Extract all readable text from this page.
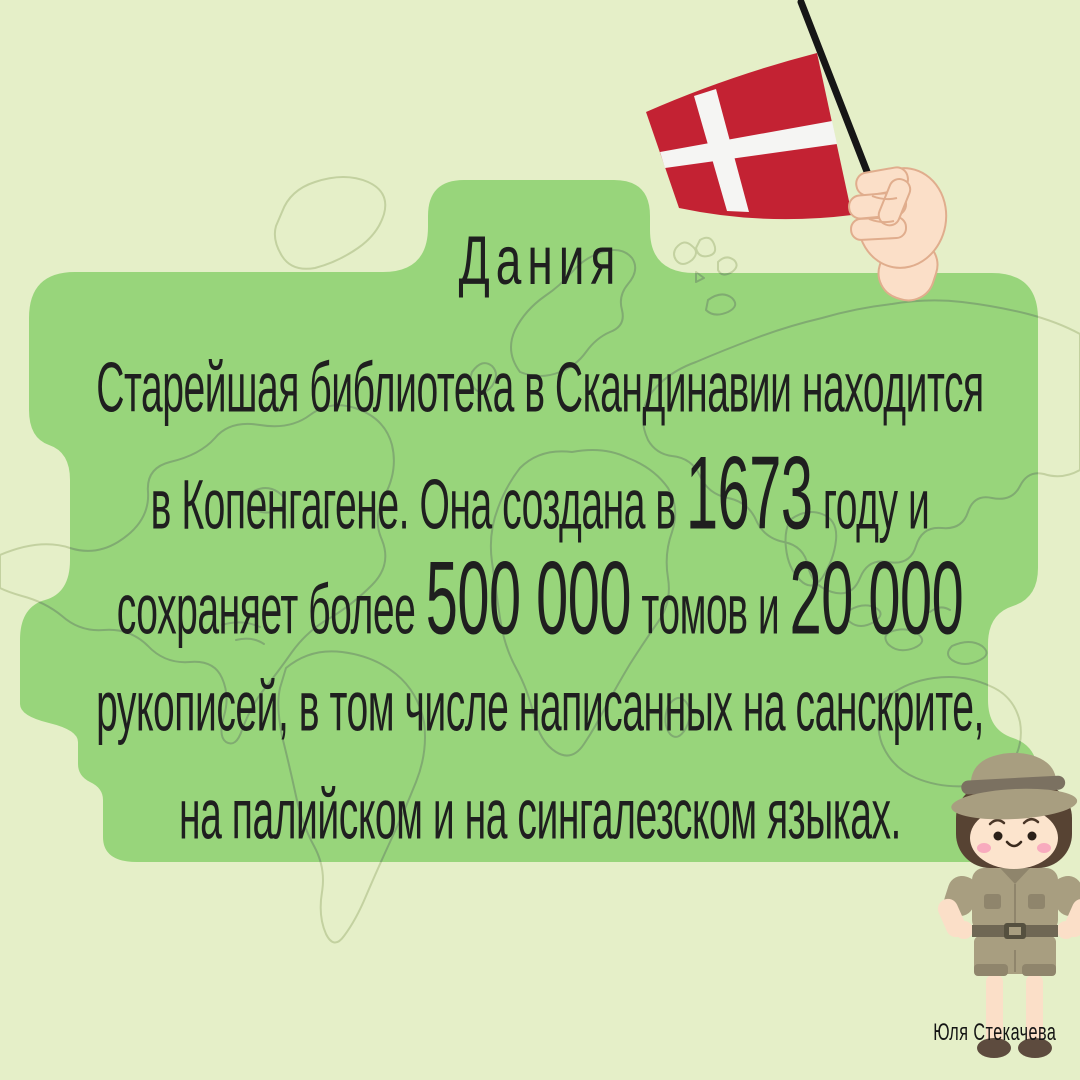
Дания
Старейшая библиотека в Скандинавии находится
в Копенгагене. Она создана в 1673 году и
сохраняет более 500 000 томов и 20 000
рукописей, в том числе написанных на санскрите,
на палийском и на сингалезском языках.
Юля Стекачева
